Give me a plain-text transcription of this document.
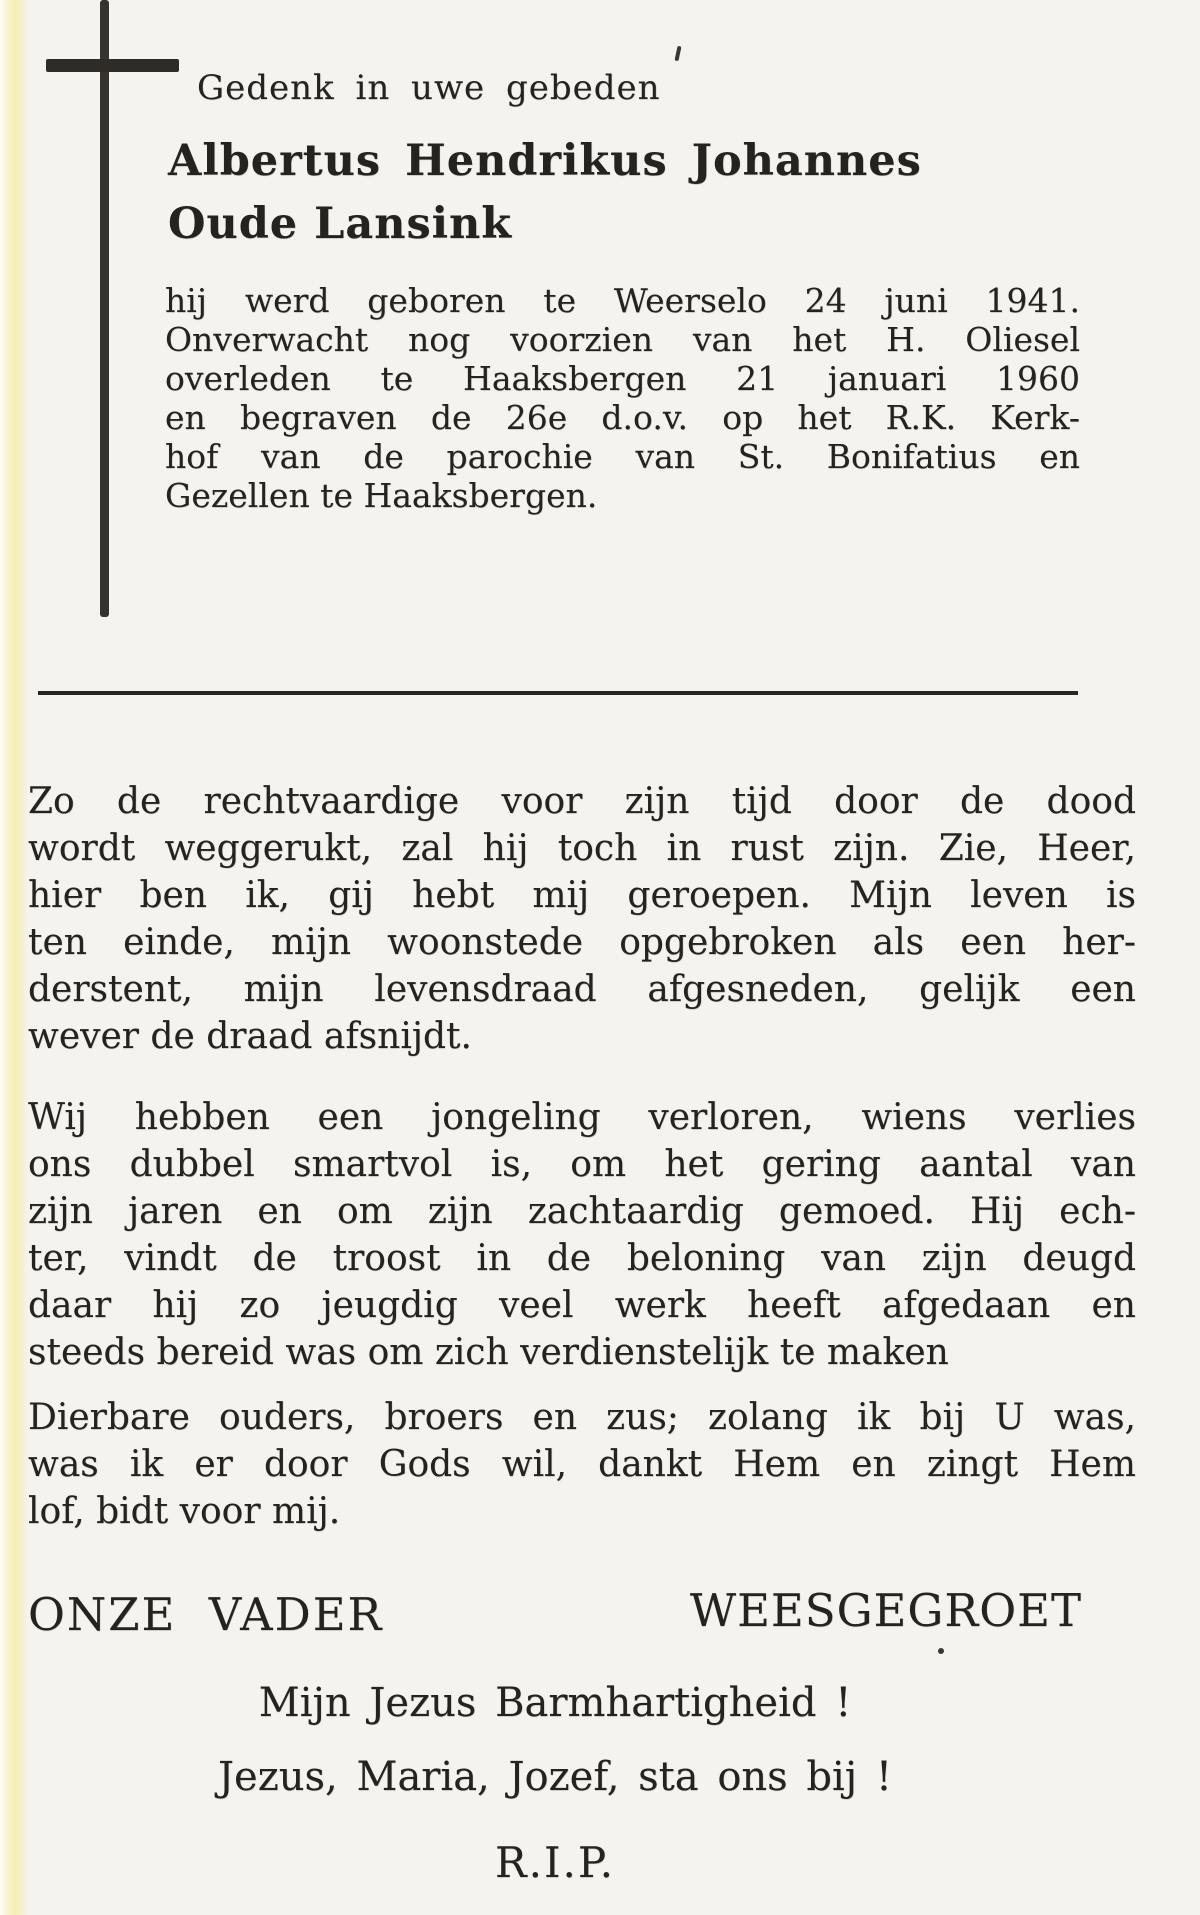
Gedenk in uwe gebeden
Albertus Hendrikus Johannes
Oude Lansink
hij werd geboren te Weerselo 24 juni 1941.
Onverwacht nog voorzien van het H. Oliesel
overleden te Haaksbergen 21 januari 1960
en begraven de 26e d.o.v. op het R.K. Kerk-
hof van de parochie van St. Bonifatius en
Gezellen te Haaksbergen.
Zo de rechtvaardige voor zijn tijd door de dood
wordt weggerukt, zal hij toch in rust zijn. Zie, Heer,
hier ben ik, gij hebt mij geroepen. Mijn leven is
ten einde, mijn woonstede opgebroken als een her-
derstent, mijn levensdraad afgesneden, gelijk een
wever de draad afsnijdt.
Wij hebben een jongeling verloren, wiens verlies
ons dubbel smartvol is, om het gering aantal van
zijn jaren en om zijn zachtaardig gemoed. Hij ech-
ter, vindt de troost in de beloning van zijn deugd
daar hij zo jeugdig veel werk heeft afgedaan en
steeds bereid was om zich verdienstelijk te maken
Dierbare ouders, broers en zus; zolang ik bij U was,
was ik er door Gods wil, dankt Hem en zingt Hem
lof, bidt voor mij.
ONZE VADER	WEESGEGROET
Mijn Jezus Barmhartigheid !
Jezus, Maria, Jozef, sta ons bij !
R.I.P.
